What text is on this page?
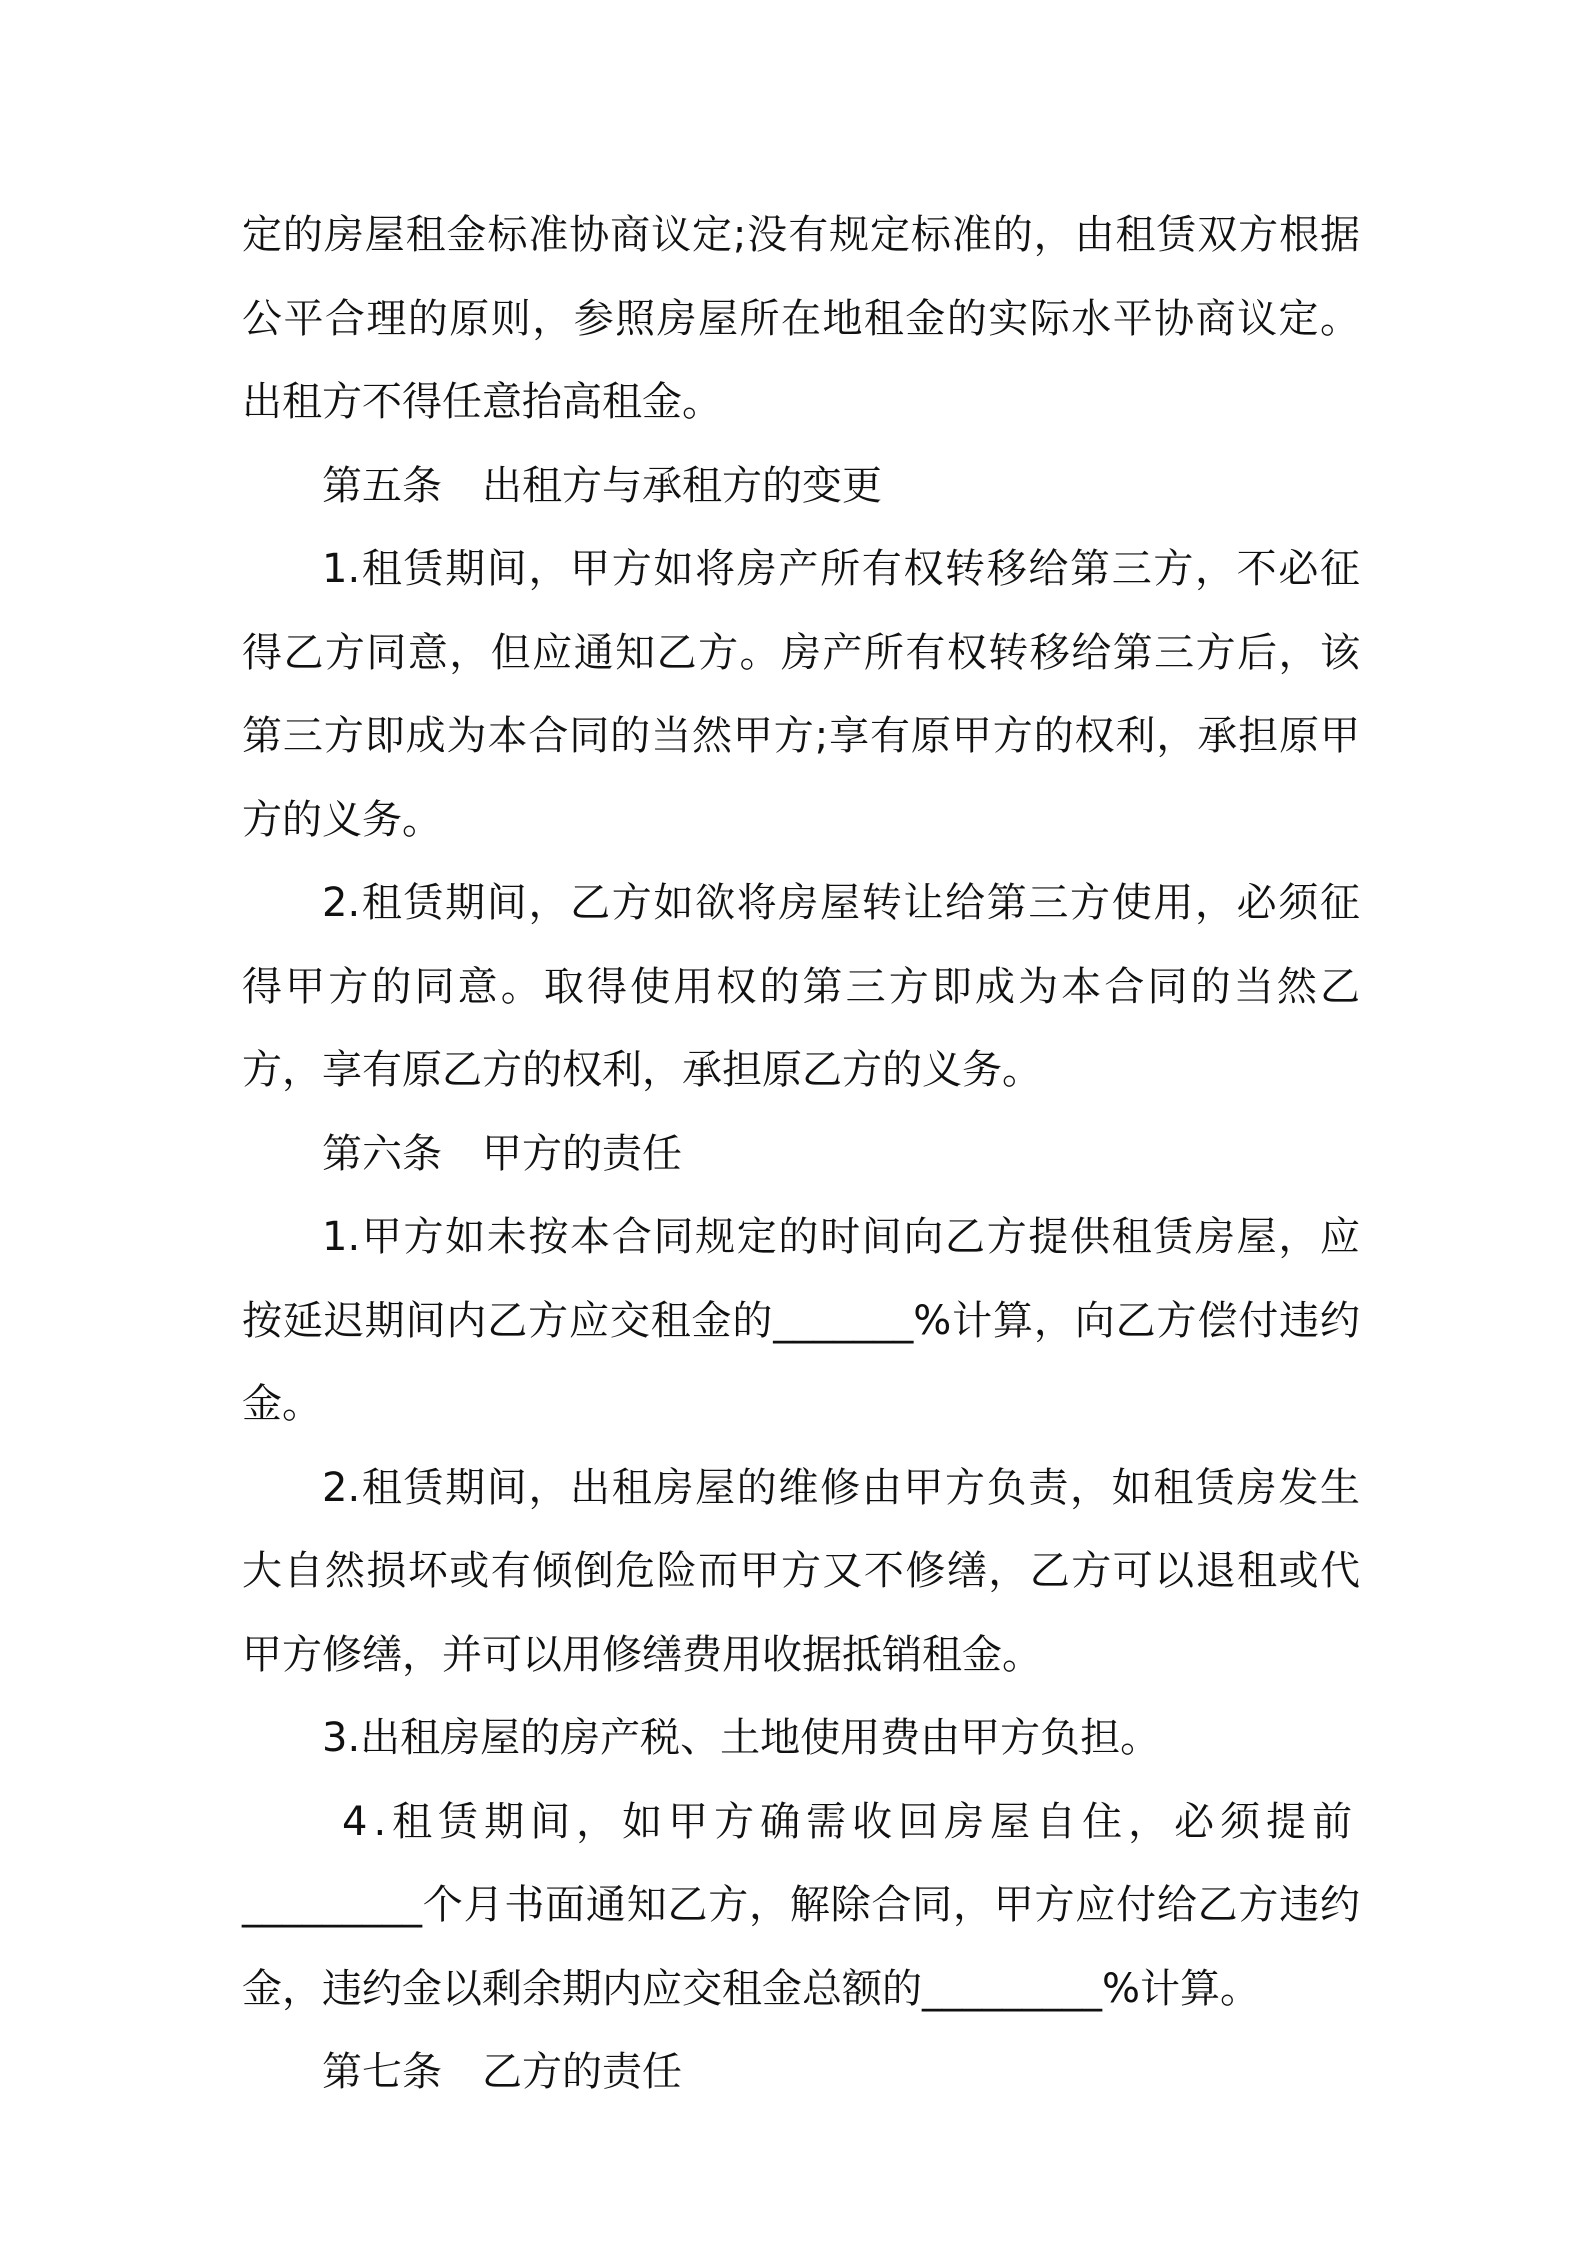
定的房屋租金标准协商议定;没有规定标准的，由租赁双方根据公平合理的原则，参照房屋所在地租金的实际水平协商议定。出租方不得任意抬高租金。

第五条 出租方与承租方的变更

1.租赁期间，甲方如将房产所有权转移给第三方，不必征得乙方同意，但应通知乙方。房产所有权转移给第三方后，该第三方即成为本合同的当然甲方;享有原甲方的权利，承担原甲方的义务。

2.租赁期间，乙方如欲将房屋转让给第三方使用，必须征得甲方的同意。取得使用权的第三方即成为本合同的当然乙方，享有原乙方的权利，承担原乙方的义务。

第六条 甲方的责任

1.甲方如未按本合同规定的时间向乙方提供租赁房屋，应按延迟期间内乙方应交租金的_______%计算，向乙方偿付违约金。

2.租赁期间，出租房屋的维修由甲方负责，如租赁房发生大自然损坏或有倾倒危险而甲方又不修缮，乙方可以退租或代甲方修缮，并可以用修缮费用收据抵销租金。

3.出租房屋的房产税、土地使用费由甲方负担。

4.租赁期间，如甲方确需收回房屋自住，必须提前

_________个月书面通知乙方，解除合同，甲方应付给乙方违约金，违约金以剩余期内应交租金总额的_________%计算。

第七条 乙方的责任
